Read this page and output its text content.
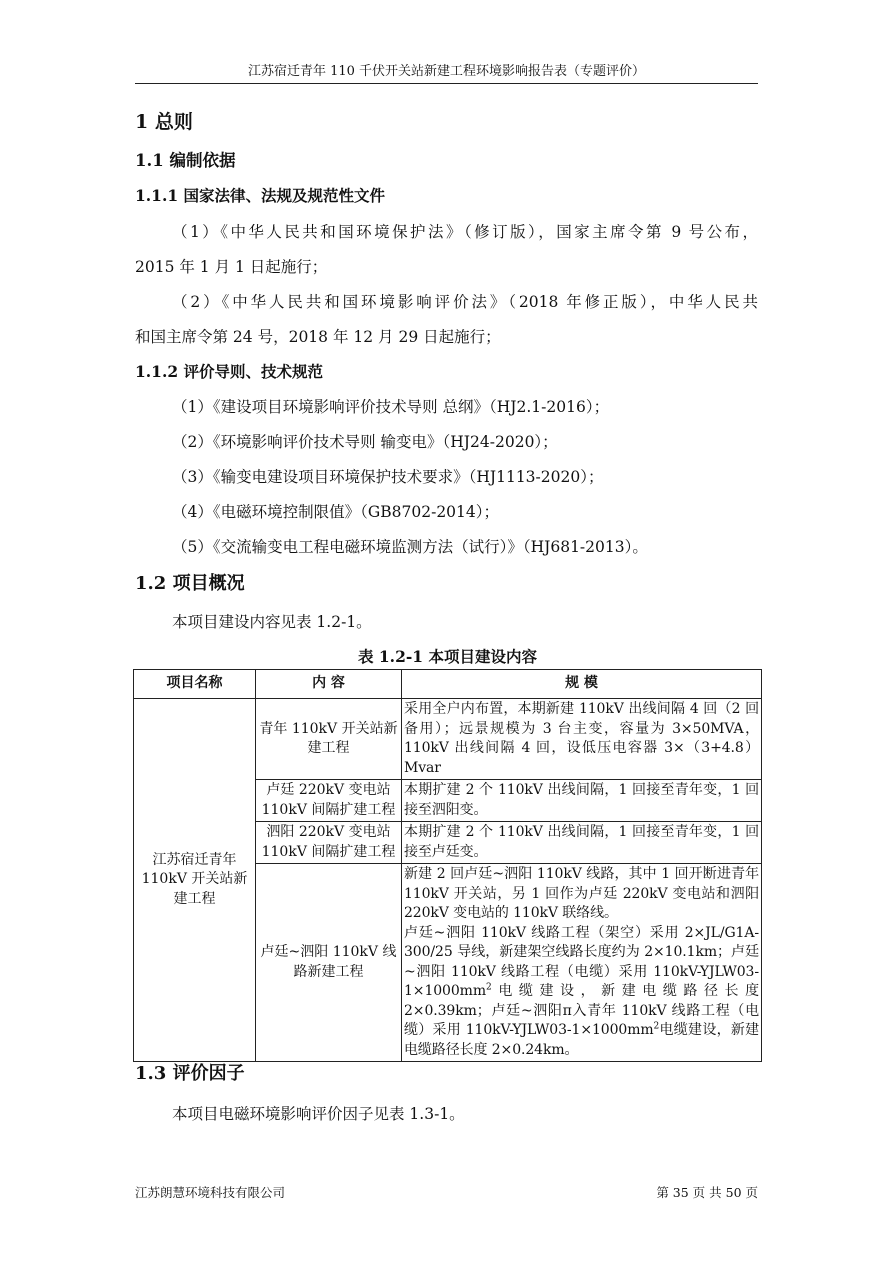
江苏宿迁青年 110 千伏开关站新建工程环境影响报告表（专题评价）
1 总则
1.1 编制依据
1.1.1 国家法律、法规及规范性文件
（1）《中华人民共和国环境保护法》（修订版），国家主席令第 9 号公布，
2015 年 1 月 1 日起施行；
（2）《中华人民共和国环境影响评价法》（2018 年修正版），中华人民共
和国主席令第 24 号，2018 年 12 月 29 日起施行；
1.1.2 评价导则、技术规范
（1）《建设项目环境影响评价技术导则 总纲》（HJ2.1-2016）；
（2）《环境影响评价技术导则 输变电》（HJ24-2020）；
（3）《输变电建设项目环境保护技术要求》（HJ1113-2020）；
（4）《电磁环境控制限值》（GB8702-2014）；
（5）《交流输变电工程电磁环境监测方法（试行）》（HJ681-2013）。
1.2 项目概况
本项目建设内容见表 1.2-1。
表 1.2-1 本项目建设内容
项目名称	内 容	规 模
江苏宿迁青年 110kV 开关站新建工程	青年 110kV 开关站新建工程	采用全户内布置，本期新建 110kV 出线间隔 4 回（2 回备用）；远景规模为 3 台主变，容量为 3×50MVA，110kV 出线间隔 4 回，设低压电容器 3×（3+4.8）Mvar
	卢廷 220kV 变电站 110kV 间隔扩建工程	本期扩建 2 个 110kV 出线间隔，1 回接至青年变，1 回接至泗阳变。
	泗阳 220kV 变电站 110kV 间隔扩建工程	本期扩建 2 个 110kV 出线间隔，1 回接至青年变，1 回接至卢廷变。
	卢廷~泗阳 110kV 线路新建工程	新建 2 回卢廷~泗阳 110kV 线路，其中 1 回开断进青年 110kV 开关站，另 1 回作为卢廷 220kV 变电站和泗阳 220kV 变电站的 110kV 联络线。
卢廷~泗阳 110kV 线路工程（架空）采用 2×JL/G1A-300/25 导线，新建架空线路长度约为 2×10.1km；卢廷~泗阳 110kV 线路工程（电缆）采用 $110kV-YJLW03-1\times 1000mm^2$电缆建设，新建电缆路径长度 2×0.39km；卢廷~泗阳π入青年 110kV 线路工程（电缆）采用 $110kV-YJLW03-1\times 1000mm^2$电缆建设，新建电缆路径长度 2×0.24km。
1.3 评价因子
本项目电磁环境影响评价因子见表 1.3-1。
江苏朗慧环境科技有限公司	第 35 页 共 50 页
